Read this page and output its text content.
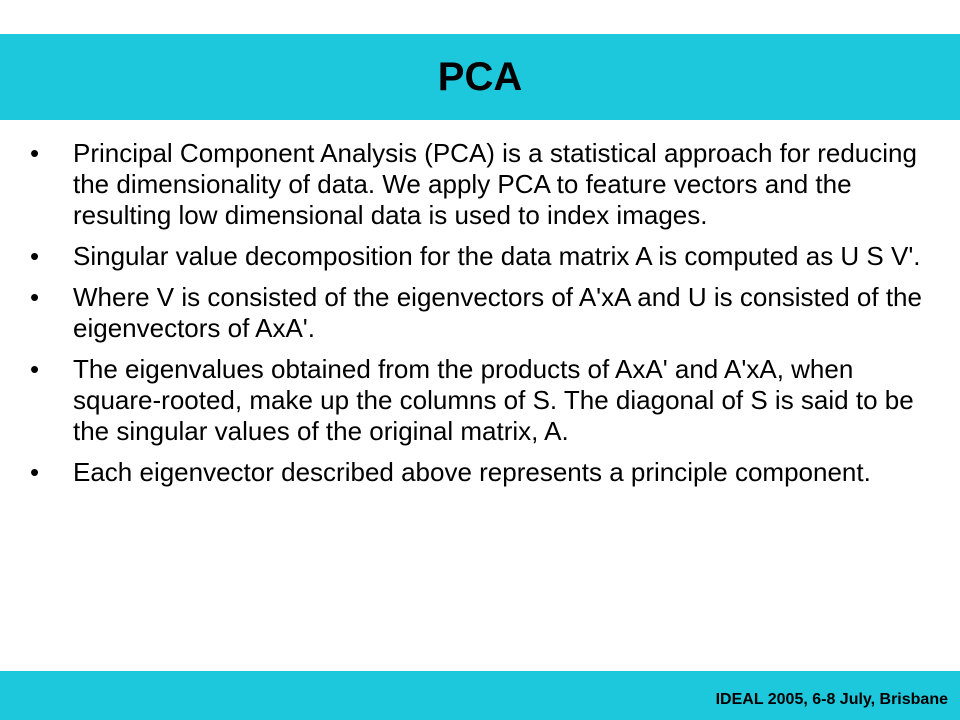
PCA
•	Principal Component Analysis (PCA) is a statistical approach for reducing the dimensionality of data. We apply PCA to feature vectors and the resulting low dimensional data is used to index images.
•	Singular value decomposition for the data matrix A is computed as U S V'.
•	Where V is consisted of the eigenvectors of A'xA and U is consisted of the eigenvectors of AxA'.
•	The eigenvalues obtained from the products of AxA' and A'xA, when square-rooted, make up the columns of S. The diagonal of S is said to be the singular values of the original matrix, A.
•	Each eigenvector described above represents a principle component.
IDEAL 2005, 6-8 July, Brisbane
